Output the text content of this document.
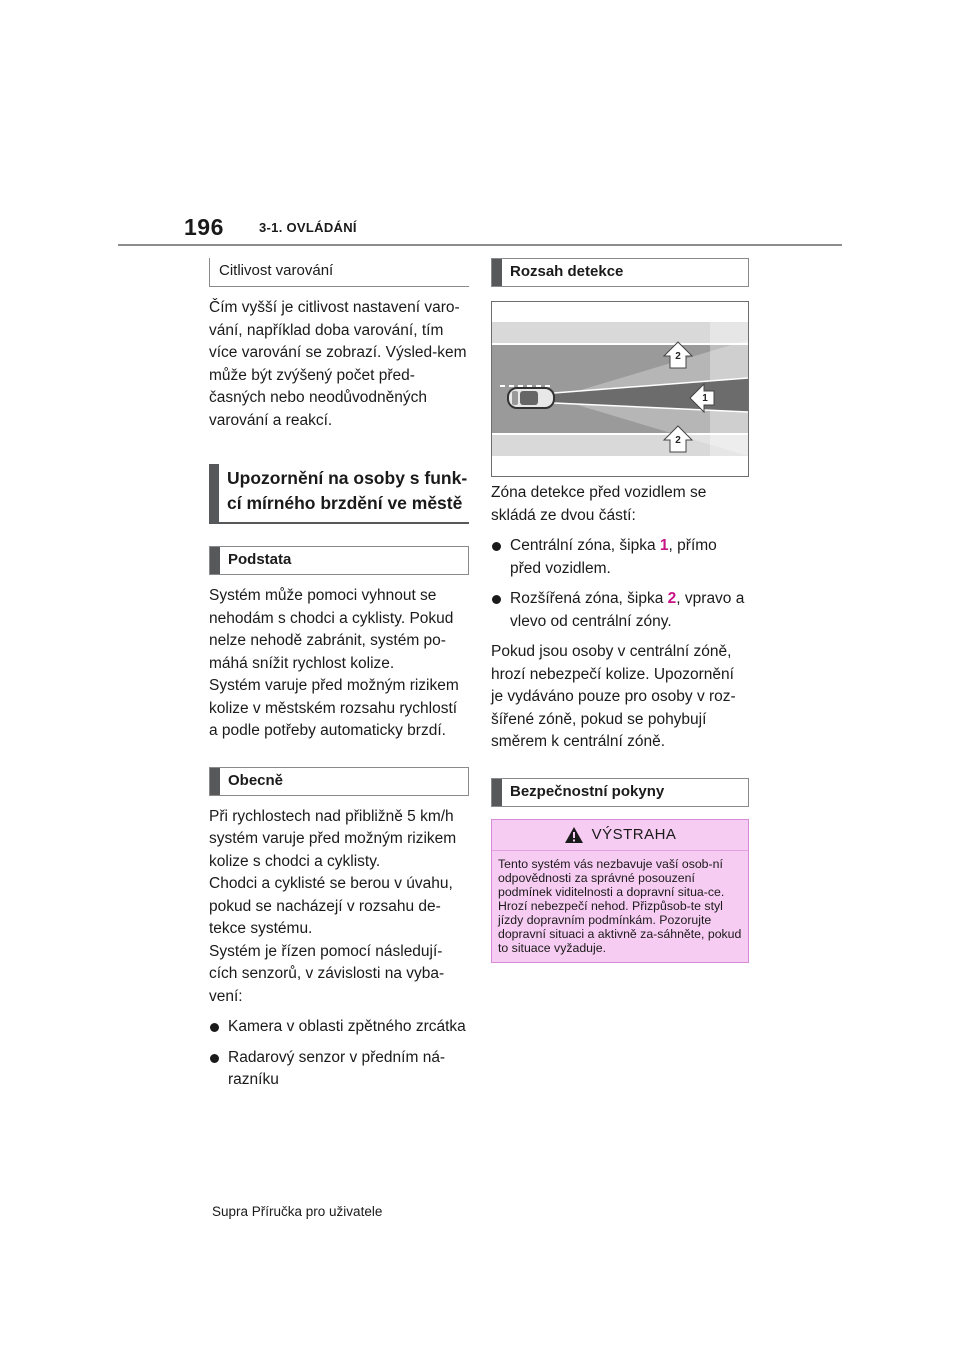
196	3-1. OVLÁDÁNÍ
Citlivost varování

Čím vyšší je citlivost nastavení varo-vání, například doba varování, tím více varování se zobrazí. Výsled-kem může být zvýšený počet před-časných nebo neodůvodněných varování a reakcí.

Upozornění na osoby s funk-cí mírného brzdění ve městě
Podstata

Systém může pomoci vyhnout se nehodám s chodci a cyklisty. Pokud nelze nehodě zabránit, systém po-máhá snížit rychlost kolize.

Systém varuje před možným rizikem kolize v městském rozsahu rychlostí a podle potřeby automaticky brzdí.

Obecně

Při rychlostech nad přibližně 5 km/h systém varuje před možným rizikem kolize s chodci a cyklisty.

Chodci a cyklisté se berou v úvahu, pokud se nacházejí v rozsahu de-tekce systému.

Systém je řízen pomocí následují-cích senzorů, v závislosti na vyba-vení:

Kamera v oblasti zpětného zrcátka
Radarový senzor v předním ná-razníku
Rozsah detekce
2
1
2

Zóna detekce před vozidlem se skládá ze dvou částí:

Centrální zóna, šipka 1, přímo před vozidlem.
Rozšířená zóna, šipka 2, vpravo a vlevo od centrální zóny.

Pokud jsou osoby v centrální zóně, hrozí nebezpečí kolize. Upozornění je vydáváno pouze pro osoby v roz-šířené zóně, pokud se pohybují směrem k centrální zóně.

Bezpečnostní pokyny
VÝSTRAHA
Tento systém vás nezbavuje vaší osob-ní odpovědnosti za správné posouzení podmínek viditelnosti a dopravní situa-ce. Hrozí nebezpečí nehod. Přizpůsob-te styl jízdy dopravním podmínkám. Pozorujte dopravní situaci a aktivně za-sáhněte, pokud to situace vyžaduje.
Supra Příručka pro uživatele
